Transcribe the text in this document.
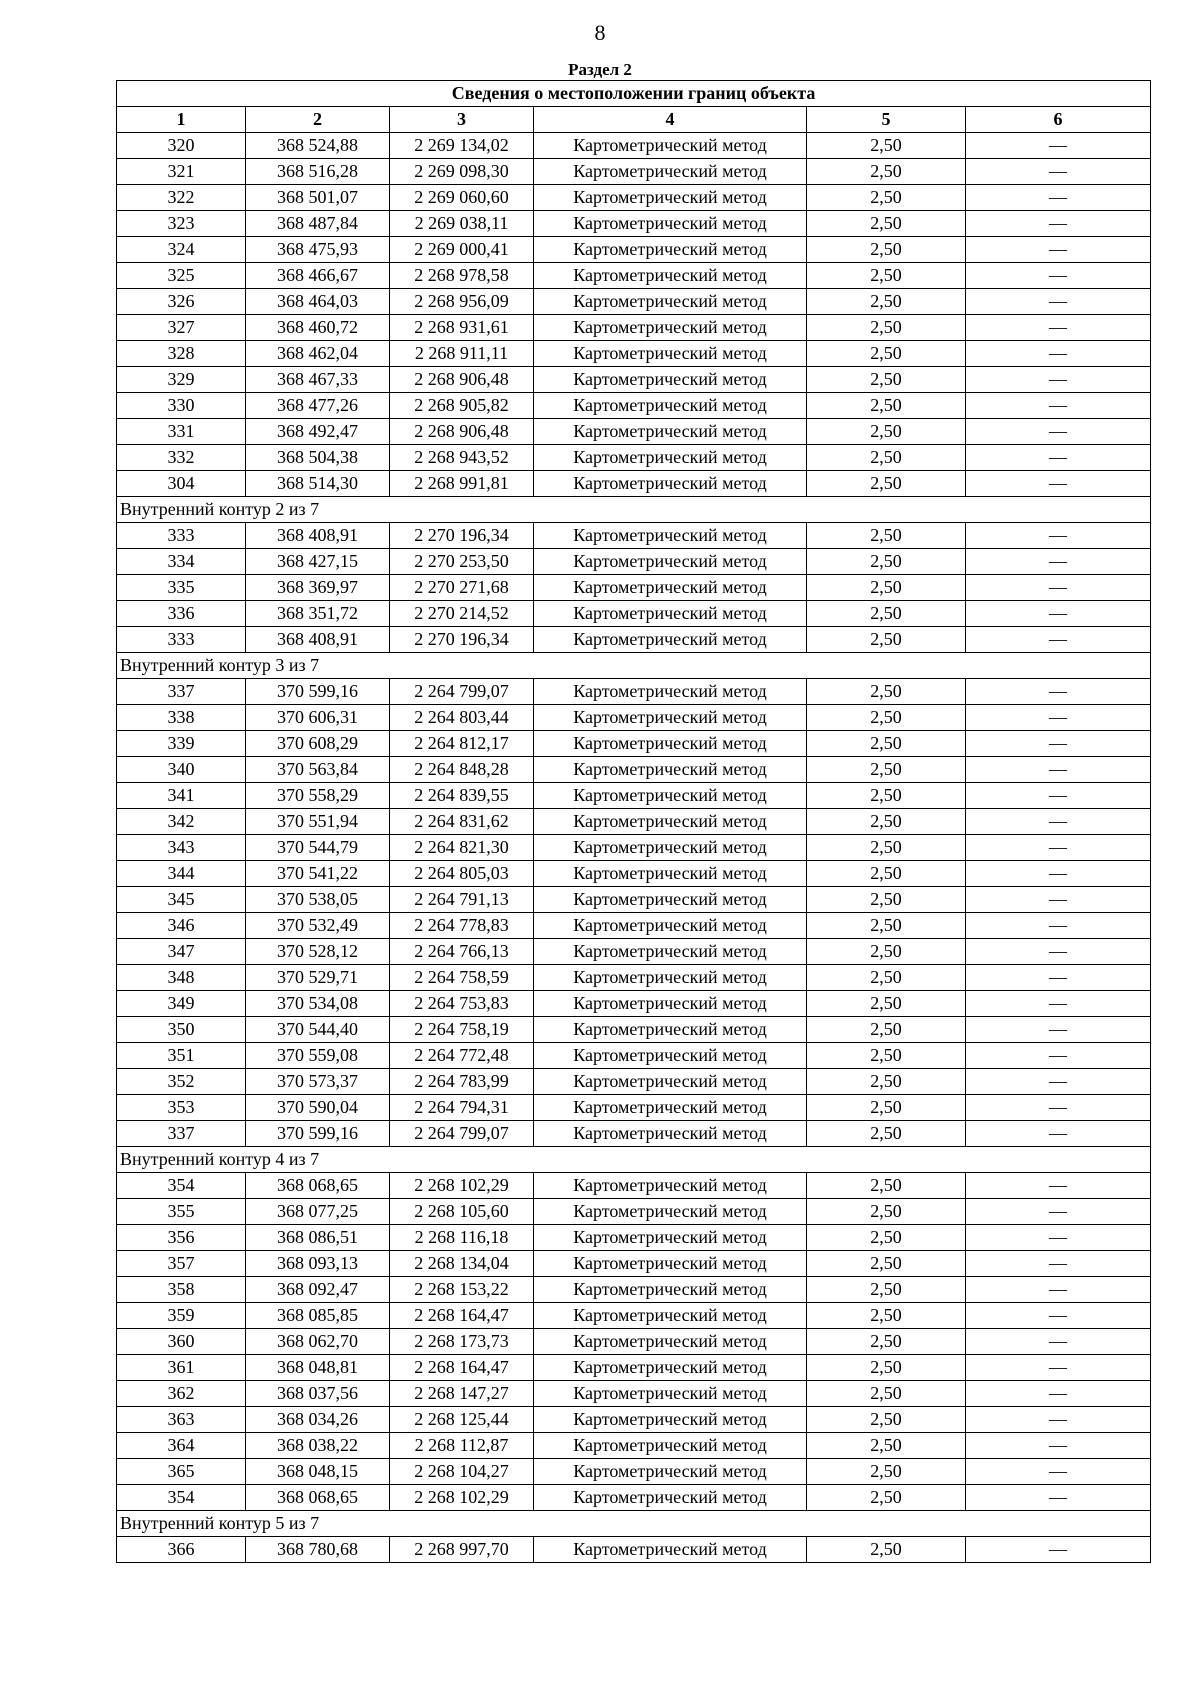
8
Раздел 2
Сведения о местоположении границ объекта					
1	2	3	4	5	6
320	368 524,88	2 269 134,02	Картометрический метод	2,50	—
321	368 516,28	2 269 098,30	Картометрический метод	2,50	—
322	368 501,07	2 269 060,60	Картометрический метод	2,50	—
323	368 487,84	2 269 038,11	Картометрический метод	2,50	—
324	368 475,93	2 269 000,41	Картометрический метод	2,50	—
325	368 466,67	2 268 978,58	Картометрический метод	2,50	—
326	368 464,03	2 268 956,09	Картометрический метод	2,50	—
327	368 460,72	2 268 931,61	Картометрический метод	2,50	—
328	368 462,04	2 268 911,11	Картометрический метод	2,50	—
329	368 467,33	2 268 906,48	Картометрический метод	2,50	—
330	368 477,26	2 268 905,82	Картометрический метод	2,50	—
331	368 492,47	2 268 906,48	Картометрический метод	2,50	—
332	368 504,38	2 268 943,52	Картометрический метод	2,50	—
304	368 514,30	2 268 991,81	Картометрический метод	2,50	—
Внутренний контур 2 из 7					
333	368 408,91	2 270 196,34	Картометрический метод	2,50	—
334	368 427,15	2 270 253,50	Картометрический метод	2,50	—
335	368 369,97	2 270 271,68	Картометрический метод	2,50	—
336	368 351,72	2 270 214,52	Картометрический метод	2,50	—
333	368 408,91	2 270 196,34	Картометрический метод	2,50	—
Внутренний контур 3 из 7					
337	370 599,16	2 264 799,07	Картометрический метод	2,50	—
338	370 606,31	2 264 803,44	Картометрический метод	2,50	—
339	370 608,29	2 264 812,17	Картометрический метод	2,50	—
340	370 563,84	2 264 848,28	Картометрический метод	2,50	—
341	370 558,29	2 264 839,55	Картометрический метод	2,50	—
342	370 551,94	2 264 831,62	Картометрический метод	2,50	—
343	370 544,79	2 264 821,30	Картометрический метод	2,50	—
344	370 541,22	2 264 805,03	Картометрический метод	2,50	—
345	370 538,05	2 264 791,13	Картометрический метод	2,50	—
346	370 532,49	2 264 778,83	Картометрический метод	2,50	—
347	370 528,12	2 264 766,13	Картометрический метод	2,50	—
348	370 529,71	2 264 758,59	Картометрический метод	2,50	—
349	370 534,08	2 264 753,83	Картометрический метод	2,50	—
350	370 544,40	2 264 758,19	Картометрический метод	2,50	—
351	370 559,08	2 264 772,48	Картометрический метод	2,50	—
352	370 573,37	2 264 783,99	Картометрический метод	2,50	—
353	370 590,04	2 264 794,31	Картометрический метод	2,50	—
337	370 599,16	2 264 799,07	Картометрический метод	2,50	—
Внутренний контур 4 из 7					
354	368 068,65	2 268 102,29	Картометрический метод	2,50	—
355	368 077,25	2 268 105,60	Картометрический метод	2,50	—
356	368 086,51	2 268 116,18	Картометрический метод	2,50	—
357	368 093,13	2 268 134,04	Картометрический метод	2,50	—
358	368 092,47	2 268 153,22	Картометрический метод	2,50	—
359	368 085,85	2 268 164,47	Картометрический метод	2,50	—
360	368 062,70	2 268 173,73	Картометрический метод	2,50	—
361	368 048,81	2 268 164,47	Картометрический метод	2,50	—
362	368 037,56	2 268 147,27	Картометрический метод	2,50	—
363	368 034,26	2 268 125,44	Картометрический метод	2,50	—
364	368 038,22	2 268 112,87	Картометрический метод	2,50	—
365	368 048,15	2 268 104,27	Картометрический метод	2,50	—
354	368 068,65	2 268 102,29	Картометрический метод	2,50	—
Внутренний контур 5 из 7					
366	368 780,68	2 268 997,70	Картометрический метод	2,50	—
